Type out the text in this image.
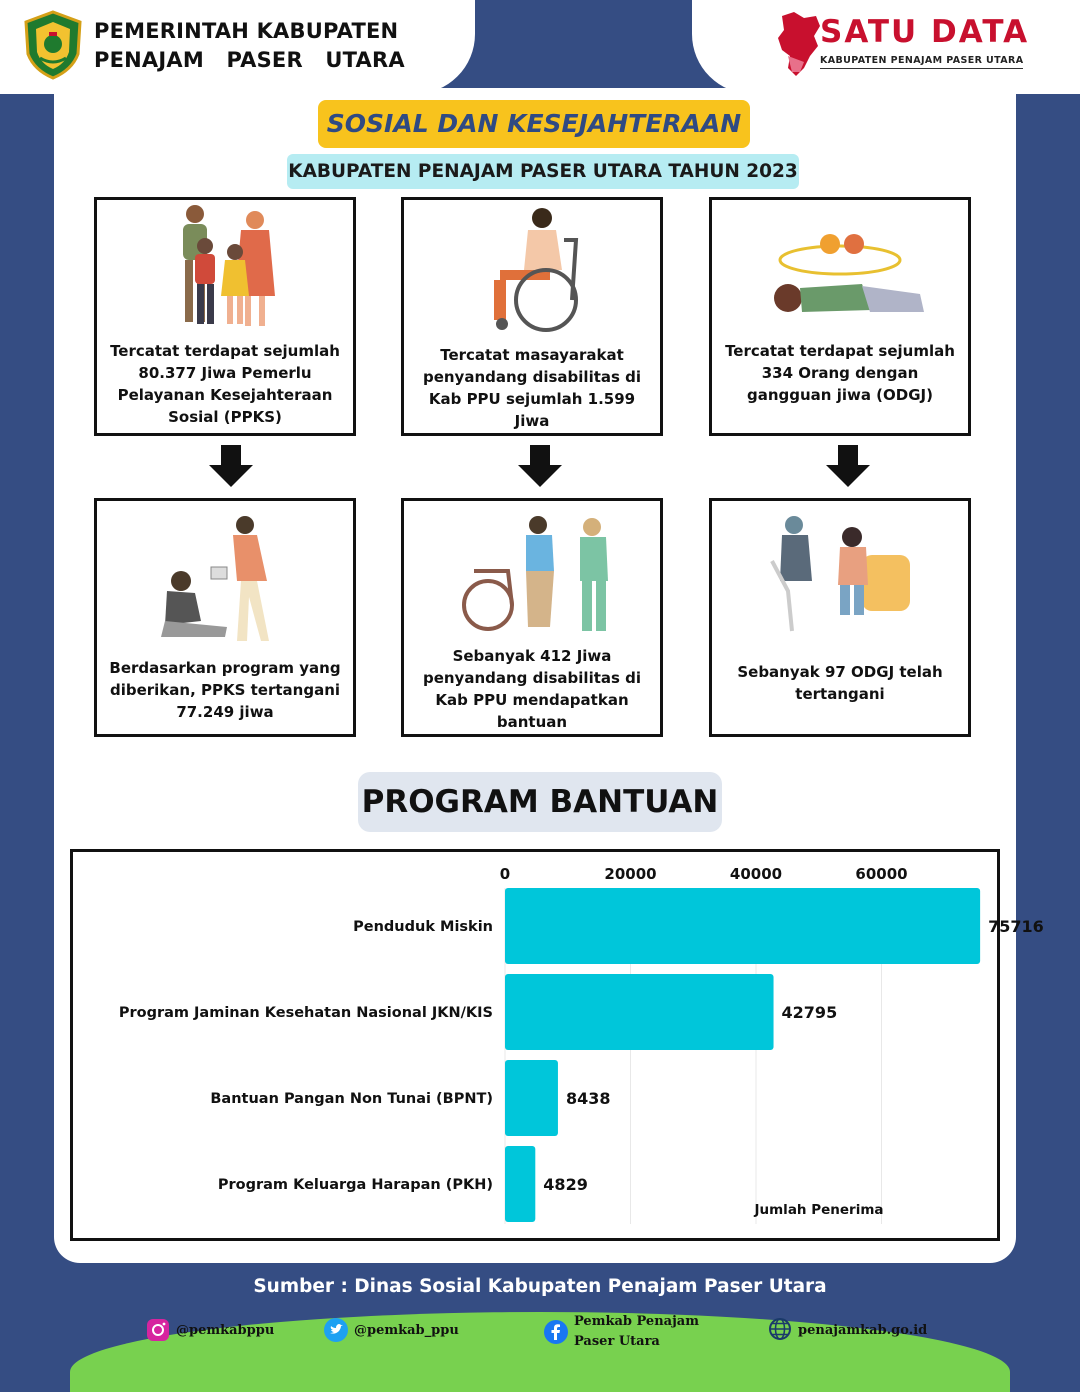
PEMERINTAH KABUPATEN
PENAJAM   PASER   UTARA
SATU DATA
KABUPATEN PENAJAM PASER UTARA
SOSIAL DAN KESEJAHTERAAN
KABUPATEN PENAJAM PASER UTARA TAHUN 2023
Tercatat terdapat sejumlah 80.377 Jiwa Pemerlu Pelayanan Kesejahteraan Sosial (PPKS)
Tercatat masayarakat penyandang disabilitas di Kab PPU sejumlah 1.599 Jiwa
Tercatat terdapat sejumlah 334 Orang dengan gangguan jiwa (ODGJ)
Berdasarkan program yang diberikan, PPKS tertangani 77.249 jiwa
Sebanyak 412 Jiwa penyandang disabilitas di Kab PPU mendapatkan bantuan
Sebanyak 97 ODGJ telah tertangani
PROGRAM BANTUAN
0	20000	40000	60000
Penduduk Miskin	75716
Program Jaminan Kesehatan Nasional JKN/KIS	42795
Bantuan Pangan Non Tunai (BPNT)	8438
Program Keluarga Harapan (PKH)	4829
Jumlah Penerima
Sumber : Dinas Sosial Kabupaten Penajam Paser Utara
@pemkabppu	@pemkab_ppu
Pemkab Penajam
Paser Utara
penajamkab.go.id
